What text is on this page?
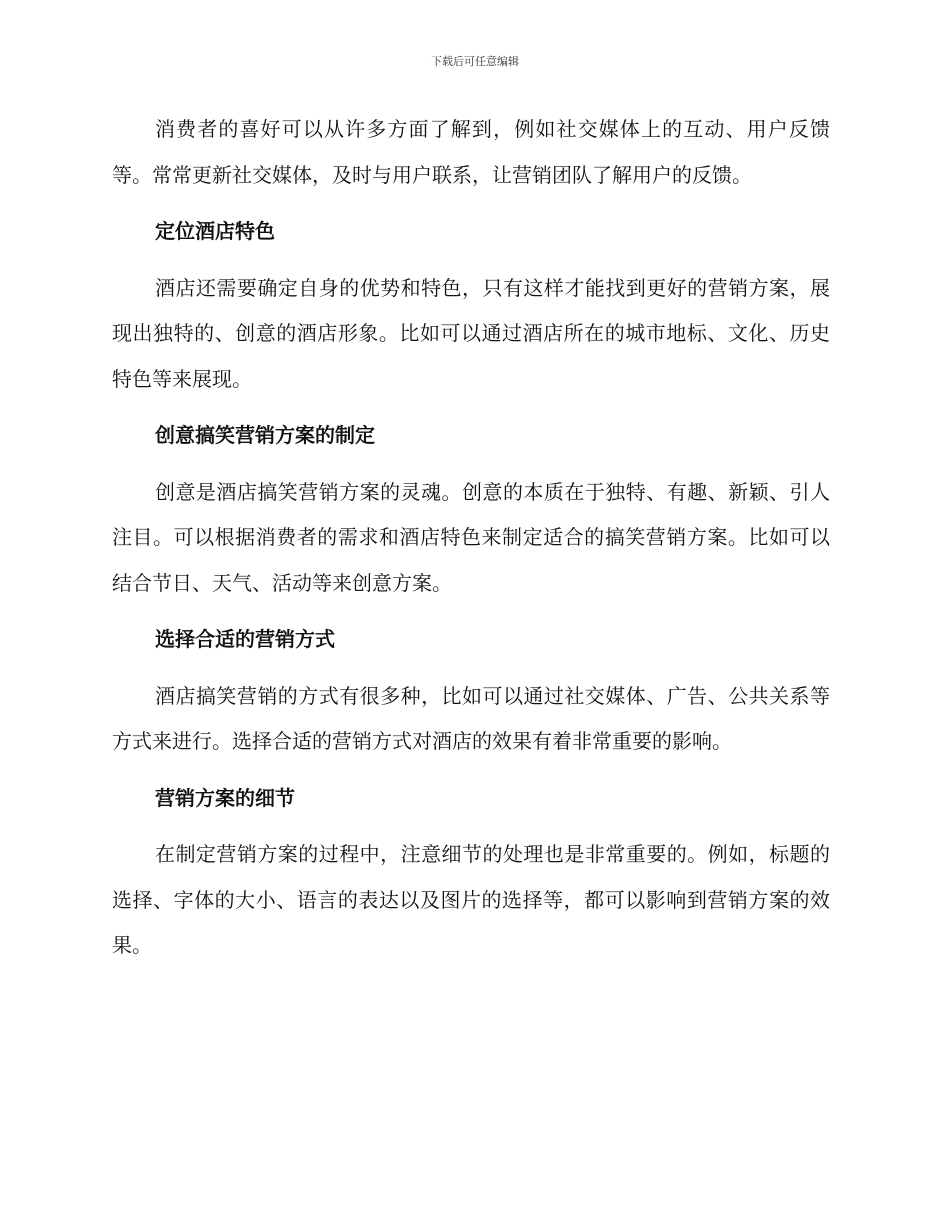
下载后可任意编辑

消费者的喜好可以从许多方面了解到，例如社交媒体上的互动、用户反馈等。常常更新社交媒体，及时与用户联系，让营销团队了解用户的反馈。

定位酒店特色

酒店还需要确定自身的优势和特色，只有这样才能找到更好的营销方案，展现出独特的、创意的酒店形象。比如可以通过酒店所在的城市地标、文化、历史特色等来展现。

创意搞笑营销方案的制定

创意是酒店搞笑营销方案的灵魂。创意的本质在于独特、有趣、新颖、引人注目。可以根据消费者的需求和酒店特色来制定适合的搞笑营销方案。比如可以结合节日、天气、活动等来创意方案。

选择合适的营销方式

酒店搞笑营销的方式有很多种，比如可以通过社交媒体、广告、公共关系等方式来进行。选择合适的营销方式对酒店的效果有着非常重要的影响。

营销方案的细节

在制定营销方案的过程中，注意细节的处理也是非常重要的。例如，标题的选择、字体的大小、语言的表达以及图片的选择等，都可以影响到营销方案的效果。
